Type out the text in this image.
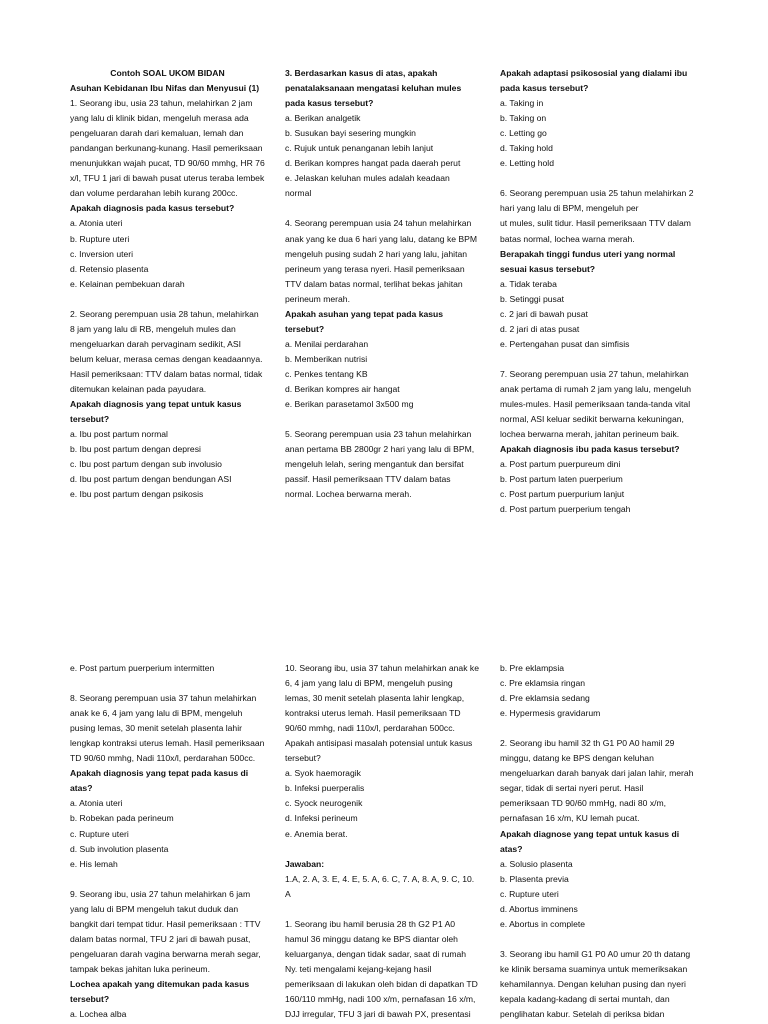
Contoh SOAL UKOM BIDAN
Asuhan Kebidanan Ibu Nifas dan Menyusui (1)
1. Seorang ibu, usia 23 tahun, melahirkan 2 jam
yang lalu di klinik bidan, mengeluh merasa ada
pengeluaran darah dari kemaluan, lemah dan
pandangan berkunang-kunang. Hasil pemeriksaan
menunjukkan wajah pucat, TD 90/60 mmhg, HR 76
x/l, TFU 1 jari di bawah pusat uterus teraba lembek
dan volume perdarahan lebih kurang 200cc.
Apakah diagnosis pada kasus tersebut?
a. Atonia uteri
b. Rupture uteri
c. Inversion uteri
d. Retensio plasenta
e. Kelainan pembekuan darah
2. Seorang perempuan usia 28 tahun, melahirkan
8 jam yang lalu di RB, mengeluh mules dan
mengeluarkan darah pervaginam sedikit, ASI
belum keluar, merasa cemas dengan keadaannya.
Hasil pemeriksaan: TTV dalam batas normal, tidak
ditemukan kelainan pada payudara.
Apakah diagnosis yang tepat untuk kasus
tersebut?
a. Ibu post partum normal
b. Ibu post partum dengan depresi
c. Ibu post partum dengan sub involusio
d. Ibu post partum dengan bendungan ASI
e. Ibu post partum dengan psikosis
3. Berdasarkan kasus di atas, apakah
penatalaksanaan mengatasi keluhan mules
pada kasus tersebut?
a. Berikan analgetik
b. Susukan bayi sesering mungkin
c. Rujuk untuk penanganan lebih lanjut
d. Berikan kompres hangat pada daerah perut
e. Jelaskan keluhan mules adalah keadaan
normal
4. Seorang perempuan usia 24 tahun melahirkan
anak yang ke dua 6 hari yang lalu, datang ke BPM
mengeluh pusing sudah 2 hari yang lalu, jahitan
perineum yang terasa nyeri. Hasil pemeriksaan
TTV dalam batas normal, terlihat bekas jahitan
perineum merah.
Apakah asuhan yang tepat pada kasus
tersebut?
a. Menilai perdarahan
b. Memberikan nutrisi
c. Penkes tentang KB
d. Berikan kompres air hangat
e. Berikan parasetamol 3x500 mg
5. Seorang perempuan usia 23 tahun melahirkan
anan pertama BB 2800gr 2 hari yang lalu di BPM,
mengeluh lelah, sering mengantuk dan bersifat
passif. Hasil pemeriksaan TTV dalam batas
normal. Lochea berwarna merah.
Apakah adaptasi psikososial yang dialami ibu
pada kasus tersebut?
a. Taking in
b. Taking on
c. Letting go
d. Taking hold
e. Letting hold
6. Seorang perempuan usia 25 tahun melahirkan 2
hari yang lalu di BPM, mengeluh per
ut mules, sulit tidur. Hasil pemeriksaan TTV dalam
batas normal, lochea warna merah.
Berapakah tinggi fundus uteri yang normal
sesuai kasus tersebut?
a. Tidak teraba
b. Setinggi pusat
c. 2 jari di bawah pusat
d. 2 jari di atas pusat
e. Pertengahan pusat dan simfisis
7. Seorang perempuan usia 27 tahun, melahirkan
anak pertama di rumah 2 jam yang lalu, mengeluh
mules-mules. Hasil pemeriksaan tanda-tanda vital
normal, ASI keluar sedikit berwarna kekuningan,
lochea berwarna merah, jahitan perineum baik.
Apakah diagnosis ibu pada kasus tersebut?
a. Post partum puerpureum dini
b. Post partum laten puerperium
c. Post partum puerpurium lanjut
d. Post partum puerperium tengah
e. Post partum puerperium intermitten
8. Seorang perempuan usia 37 tahun melahirkan
anak ke 6, 4 jam yang lalu di BPM, mengeluh
pusing lemas, 30 menit setelah plasenta lahir
lengkap kontraksi uterus lemah. Hasil pemeriksaan
TD 90/60 mmhg, Nadi 110x/l, perdarahan 500cc.
Apakah diagnosis yang tepat pada kasus di
atas?
a. Atonia uteri
b. Robekan pada perineum
c. Rupture uteri
d. Sub involution plasenta
e. His lemah
9. Seorang ibu, usia 27 tahun melahirkan 6 jam
yang lalu di BPM mengeluh takut duduk dan
bangkit dari tempat tidur. Hasil pemeriksaan : TTV
dalam batas normal, TFU 2 jari di bawah pusat,
pengeluaran darah vagina berwarna merah segar,
tampak bekas jahitan luka perineum.
Lochea apakah yang ditemukan pada kasus
tersebut?
a. Lochea alba
10. Seorang ibu, usia 37 tahun melahirkan anak ke
6, 4 jam yang lalu di BPM, mengeluh pusing
lemas, 30 menit setelah plasenta lahir lengkap,
kontraksi uterus lemah. Hasil pemeriksaan TD
90/60 mmhg, nadi 110x/l, perdarahan 500cc.
Apakah antisipasi masalah potensial untuk kasus
tersebut?
a. Syok haemoragik
b. Infeksi puerperalis
c. Syock neurogenik
d. Infeksi perineum
e. Anemia berat.
Jawaban:
1.A, 2. A, 3. E, 4. E, 5. A, 6. C, 7. A, 8. A, 9. C, 10.
A
1. Seorang ibu hamil berusia 28 th G2 P1 A0
hamul 36 minggu datang ke BPS diantar oleh
keluarganya, dengan tidak sadar, saat di rumah
Ny. teti mengalami kejang-kejang hasil
pemeriksaan di lakukan oleh bidan di dapatkan TD
160/110 mmHg, nadi 100 x/m, pernafasan 16 x/m,
DJJ irregular, TFU 3 jari di bawah PX, presentasi
b. Pre eklampsia
c. Pre eklamsia ringan
d. Pre eklamsia sedang
e. Hypermesis gravidarum
2. Seorang ibu hamil 32 th G1 P0 A0 hamil 29
minggu, datang ke BPS dengan keluhan
mengeluarkan darah banyak dari jalan lahir, merah
segar, tidak di sertai nyeri perut. Hasil
pemeriksaan TD 90/60 mmHg, nadi 80 x/m,
pernafasan 16 x/m, KU lemah pucat.
Apakah diagnose yang tepat untuk kasus di
atas?
a. Solusio plasenta
b. Plasenta previa
c. Rupture uteri
d. Abortus imminens
e. Abortus in complete
3. Seorang ibu hamil G1 P0 A0 umur 20 th datang
ke klinik bersama suaminya untuk memeriksakan
kehamilannya. Dengan keluhan pusing dan nyeri
kepala kadang-kadang di sertai muntah, dan
penglihatan kabur. Setelah di periksa bidan
